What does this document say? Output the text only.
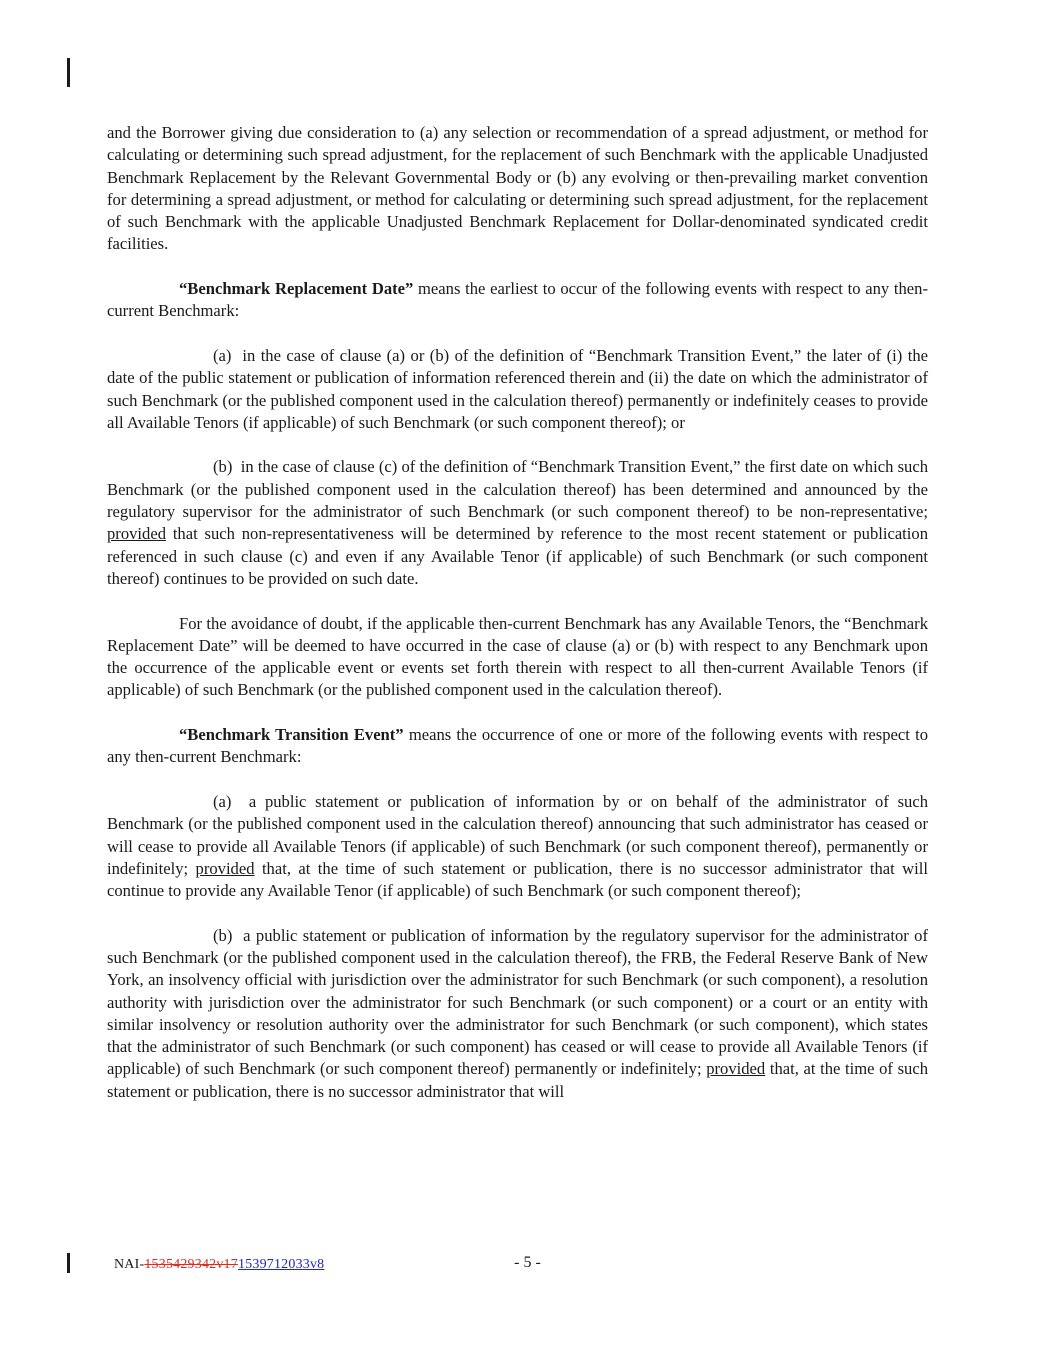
and the Borrower giving due consideration to (a) any selection or recommendation of a spread adjustment, or method for calculating or determining such spread adjustment, for the replacement of such Benchmark with the applicable Unadjusted Benchmark Replacement by the Relevant Governmental Body or (b) any evolving or then-prevailing market convention for determining a spread adjustment, or method for calculating or determining such spread adjustment, for the replacement of such Benchmark with the applicable Unadjusted Benchmark Replacement for Dollar-denominated syndicated credit facilities.

“Benchmark Replacement Date” means the earliest to occur of the following events with respect to any then-current Benchmark:

(a)  in the case of clause (a) or (b) of the definition of “Benchmark Transition Event,” the later of (i) the date of the public statement or publication of information referenced therein and (ii) the date on which the administrator of such Benchmark (or the published component used in the calculation thereof) permanently or indefinitely ceases to provide all Available Tenors (if applicable) of such Benchmark (or such component thereof); or

(b)  in the case of clause (c) of the definition of “Benchmark Transition Event,” the first date on which such Benchmark (or the published component used in the calculation thereof) has been determined and announced by the regulatory supervisor for the administrator of such Benchmark (or such component thereof) to be non-representative; provided that such non-representativeness will be determined by reference to the most recent statement or publication referenced in such clause (c) and even if any Available Tenor (if applicable) of such Benchmark (or such component thereof) continues to be provided on such date.

For the avoidance of doubt, if the applicable then-current Benchmark has any Available Tenors, the “Benchmark Replacement Date” will be deemed to have occurred in the case of clause (a) or (b) with respect to any Benchmark upon the occurrence of the applicable event or events set forth therein with respect to all then-current Available Tenors (if applicable) of such Benchmark (or the published component used in the calculation thereof).

“Benchmark Transition Event” means the occurrence of one or more of the following events with respect to any then-current Benchmark:

(a)  a public statement or publication of information by or on behalf of the administrator of such Benchmark (or the published component used in the calculation thereof) announcing that such administrator has ceased or will cease to provide all Available Tenors (if applicable) of such Benchmark (or such component thereof), permanently or indefinitely; provided that, at the time of such statement or publication, there is no successor administrator that will continue to provide any Available Tenor (if applicable) of such Benchmark (or such component thereof);

(b)  a public statement or publication of information by the regulatory supervisor for the administrator of such Benchmark (or the published component used in the calculation thereof), the FRB, the Federal Reserve Bank of New York, an insolvency official with jurisdiction over the administrator for such Benchmark (or such component), a resolution authority with jurisdiction over the administrator for such Benchmark (or such component) or a court or an entity with similar insolvency or resolution authority over the administrator for such Benchmark (or such component), which states that the administrator of such Benchmark (or such component) has ceased or will cease to provide all Available Tenors (if applicable) of such Benchmark (or such component thereof) permanently or indefinitely; provided that, at the time of such statement or publication, there is no successor administrator that will

NAI-1535429342v171539712033v8	- 5 -
